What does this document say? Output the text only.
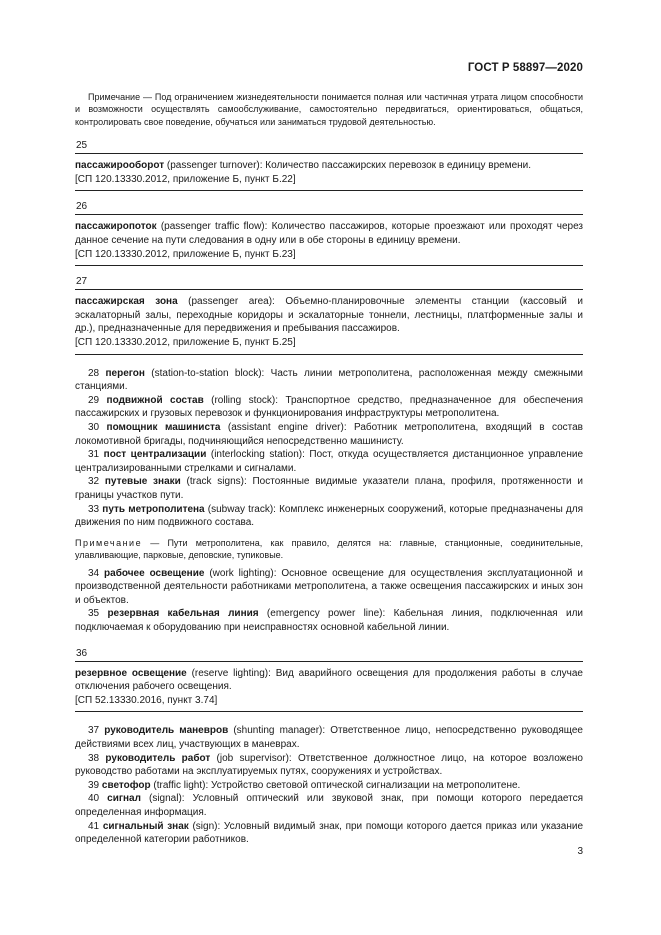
ГОСТ Р 58897—2020

Примечание — Под ограничением жизнедеятельности понимается полная или частичная утрата лицом способности и возможности осуществлять самообслуживание, самостоятельно передвигаться, ориентироваться, общаться, контролировать свое поведение, обучаться или заниматься трудовой деятельностью.

25

пассажирооборот (passenger turnover): Количество пассажирских перевозок в единицу времени.

[СП 120.13330.2012, приложение Б, пункт Б.22]

26

пассажиропоток (passenger traffic flow): Количество пассажиров, которые проезжают или проходят через данное сечение на пути следования в одну или в обе стороны в единицу времени.

[СП 120.13330.2012, приложение Б, пункт Б.23]

27

пассажирская зона (passenger area): Объемно-планировочные элементы станции (кассовый и эскалаторный залы, переходные коридоры и эскалаторные тоннели, лестницы, платформенные залы и др.), предназначенные для передвижения и пребывания пассажиров.

[СП 120.13330.2012, приложение Б, пункт Б.25]

28 перегон (station-to-station block): Часть линии метрополитена, расположенная между смежными станциями.

29 подвижной состав (rolling stock): Транспортное средство, предназначенное для обеспечения пассажирских и грузовых перевозок и функционирования инфраструктуры метрополитена.

30 помощник машиниста (assistant engine driver): Работник метрополитена, входящий в состав локомотивной бригады, подчиняющийся непосредственно машинисту.

31 пост централизации (interlocking station): Пост, откуда осуществляется дистанционное управление централизированными стрелками и сигналами.

32 путевые знаки (track signs): Постоянные видимые указатели плана, профиля, протяженности и границы участков пути.

33 путь метрополитена (subway track): Комплекс инженерных сооружений, которые предназначены для движения по ним подвижного состава.

Примечание — Пути метрополитена, как правило, делятся на: главные, станционные, соединительные, улавливающие, парковые, деповские, тупиковые.

34 рабочее освещение (work lighting): Основное освещение для осуществления эксплуатационной и производственной деятельности работниками метрополитена, а также освещения пассажирских и иных зон и объектов.

35 резервная кабельная линия (emergency power line): Кабельная линия, подключенная или подключаемая к оборудованию при неисправностях основной кабельной линии.

36

резервное освещение (reserve lighting): Вид аварийного освещения для продолжения работы в случае отключения рабочего освещения.

[СП 52.13330.2016, пункт 3.74]

37 руководитель маневров (shunting manager): Ответственное лицо, непосредственно руководящее действиями всех лиц, участвующих в маневрах.

38 руководитель работ (job supervisor): Ответственное должностное лицо, на которое возложено руководство работами на эксплуатируемых путях, сооружениях и устройствах.

39 светофор (traffic light): Устройство световой оптической сигнализации на метрополитене.

40 сигнал (signal): Условный оптический или звуковой знак, при помощи которого передается определенная информация.

41 сигнальный знак (sign): Условный видимый знак, при помощи которого дается приказ или указание определенной категории работников.

3
